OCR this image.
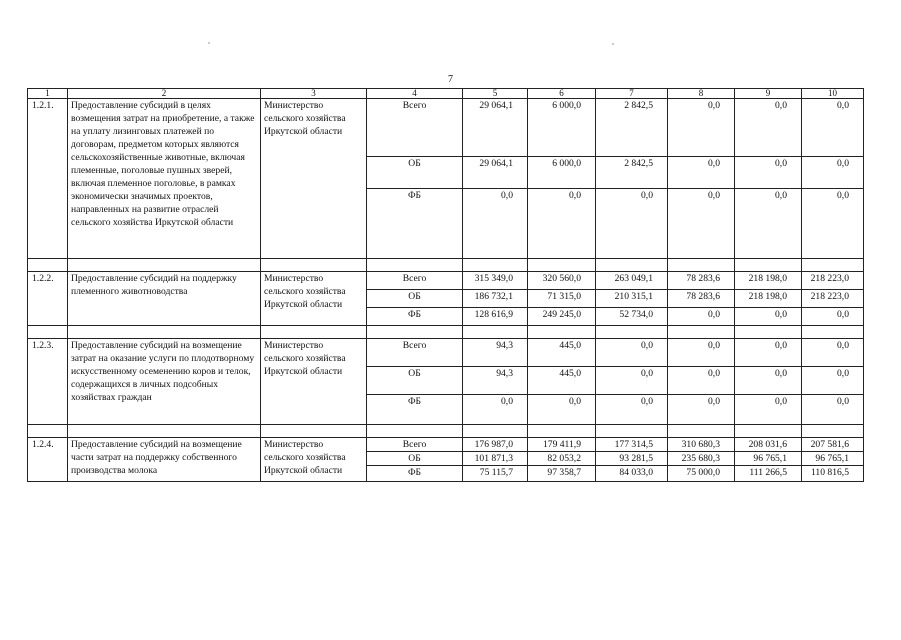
7
1	2	3	4	5	6	7	8	9	10
1.2.1.	Предоставление субсидий в целях возмещения затрат на приобретение, а также на уплату лизинговых платежей по договорам, предметом которых являются сельскохозяйственные животные, включая племенные, поголовые пушных зверей, включая племенное поголовье, в рамках экономически значимых проектов, направленных на развитие отраслей сельского хозяйства Иркутской области	Министерство сельского хозяйства Иркутской области	Всего	29 064,1	6 000,0	2 842,5	0,0	0,0	0,0
			ОБ	29 064,1	6 000,0	2 842,5	0,0	0,0	0,0
			ФБ	0,0	0,0	0,0	0,0	0,0	0,0

1.2.2.	Предоставление субсидий на поддержку племенного животноводства	Министерство сельского хозяйства Иркутской области	Всего	315 349,0	320 560,0	263 049,1	78 283,6	218 198,0	218 223,0
			ОБ	186 732,1	71 315,0	210 315,1	78 283,6	218 198,0	218 223,0
			ФБ	128 616,9	249 245,0	52 734,0	0,0	0,0	0,0

1.2.3.	Предоставление субсидий на возмещение затрат на оказание услуги по плодотворному искусственному осеменению коров и телок, содержащихся в личных подсобных хозяйствах граждан	Министерство сельского хозяйства Иркутской области	Всего	94,3	445,0	0,0	0,0	0,0	0,0
			ОБ	94,3	445,0	0,0	0,0	0,0	0,0
			ФБ	0,0	0,0	0,0	0,0	0,0	0,0

1.2.4.	Предоставление субсидий на возмещение части затрат на поддержку собственного производства молока	Министерство сельского хозяйства Иркутской области	Всего	176 987,0	179 411,9	177 314,5	310 680,3	208 031,6	207 581,6
			ОБ	101 871,3	82 053,2	93 281,5	235 680,3	96 765,1	96 765,1
			ФБ	75 115,7	97 358,7	84 033,0	75 000,0	111 266,5	110 816,5
